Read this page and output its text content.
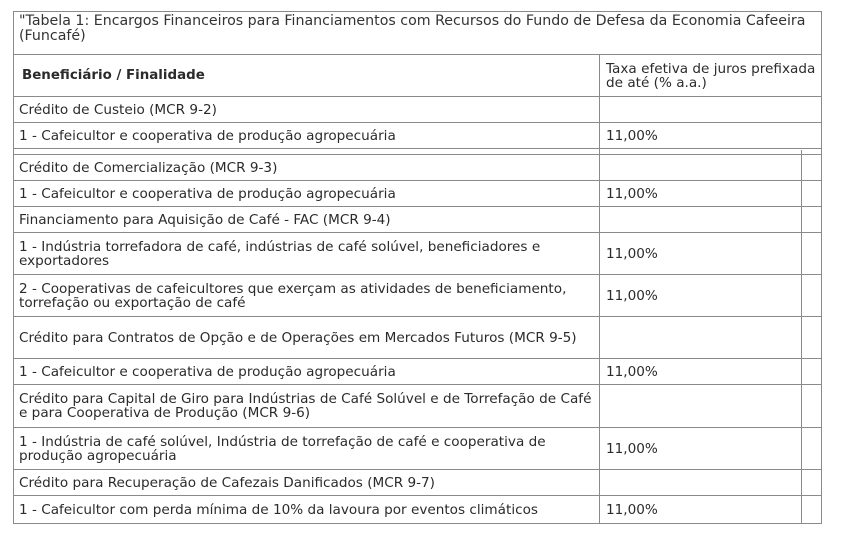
"Tabela 1: Encargos Financeiros para Financiamentos com Recursos do Fundo de Defesa da Economia Cafeeira (Funcafé)
Beneficiário / Finalidade	Taxa efetiva de juros prefixada de até (% a.a.)
Crédito de Custeio (MCR 9-2)
1 - Cafeicultor e cooperativa de produção agropecuária	11,00%
Crédito de Comercialização (MCR 9-3)
1 - Cafeicultor e cooperativa de produção agropecuária	11,00%
Financiamento para Aquisição de Café - FAC (MCR 9-4)
1 - Indústria torrefadora de café, indústrias de café solúvel, beneficiadores e exportadores	11,00%
2 - Cooperativas de cafeicultores que exerçam as atividades de beneficiamento, torrefação ou exportação de café	11,00%
Crédito para Contratos de Opção e de Operações em Mercados Futuros (MCR 9-5)
1 - Cafeicultor e cooperativa de produção agropecuária	11,00%
Crédito para Capital de Giro para Indústrias de Café Solúvel e de Torrefação de Café e para Cooperativa de Produção (MCR 9-6)
1 - Indústria de café solúvel, Indústria de torrefação de café e cooperativa de produção agropecuária	11,00%
Crédito para Recuperação de Cafezais Danificados (MCR 9-7)
1 - Cafeicultor com perda mínima de 10% da lavoura por eventos climáticos	11,00%
